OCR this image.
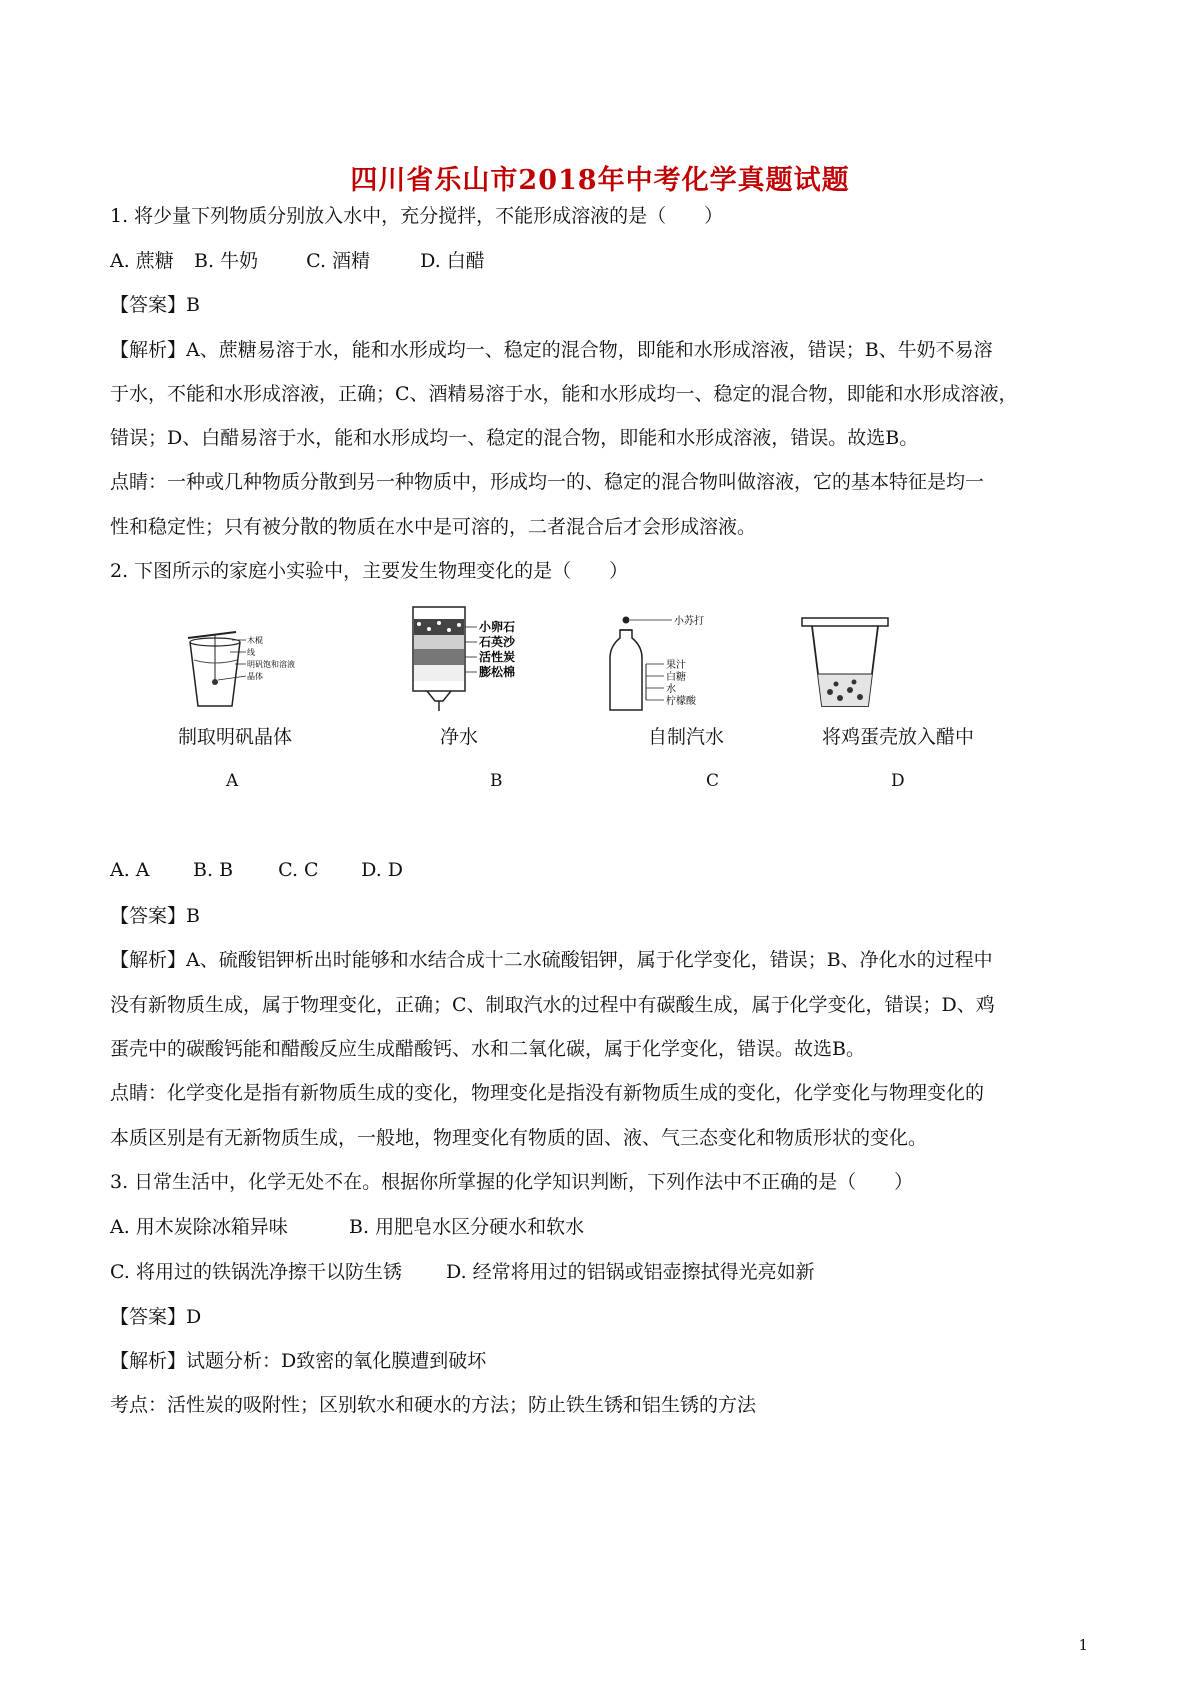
四川省乐山市2018年中考化学真题试题
1. 将少量下列物质分别放入水中，充分搅拌，不能形成溶液的是（　　）
A. 蔗糖 B. 牛奶	C. 酒精	D. 白醋
【答案】B
【解析】A、蔗糖易溶于水，能和水形成均一、稳定的混合物，即能和水形成溶液，错误；B、牛奶不易溶
于水，不能和水形成溶液，正确；C、酒精易溶于水，能和水形成均一、稳定的混合物，即能和水形成溶液，
错误；D、白醋易溶于水，能和水形成均一、稳定的混合物，即能和水形成溶液，错误。故选B。
点睛：一种或几种物质分散到另一种物质中，形成均一的、稳定的混合物叫做溶液，它的基本特征是均一
性和稳定性；只有被分散的物质在水中是可溶的，二者混合后才会形成溶液。
2. 下图所示的家庭小实验中，主要发生物理变化的是（　　）
木棍
线
明矾饱和溶液
晶体
小卵石
石英沙
活性炭
膨松棉
小苏打
果汁
白糖
水
柠檬酸
制取明矾晶体	净水	自制汽水	将鸡蛋壳放入醋中
A	B	C	D
A. A B. B C. C D. D
【答案】B
【解析】A、硫酸铝钾析出时能够和水结合成十二水硫酸铝钾，属于化学变化，错误；B、净化水的过程中
没有新物质生成，属于物理变化，正确；C、制取汽水的过程中有碳酸生成，属于化学变化，错误；D、鸡
蛋壳中的碳酸钙能和醋酸反应生成醋酸钙、水和二氧化碳，属于化学变化，错误。故选B。
点睛：化学变化是指有新物质生成的变化，物理变化是指没有新物质生成的变化，化学变化与物理变化的
本质区别是有无新物质生成，一般地，物理变化有物质的固、液、气三态变化和物质形状的变化。
3. 日常生活中，化学无处不在。根据你所掌握的化学知识判断，下列作法中不正确的是（　　）
A. 用木炭除冰箱异味	B. 用肥皂水区分硬水和软水
C. 将用过的铁锅洗净擦干以防生锈 D. 经常将用过的铝锅或铝壶擦拭得光亮如新
【答案】D
【解析】试题分析：D致密的氧化膜遭到破坏
考点：活性炭的吸附性；区别软水和硬水的方法；防止铁生锈和铝生锈的方法
1
